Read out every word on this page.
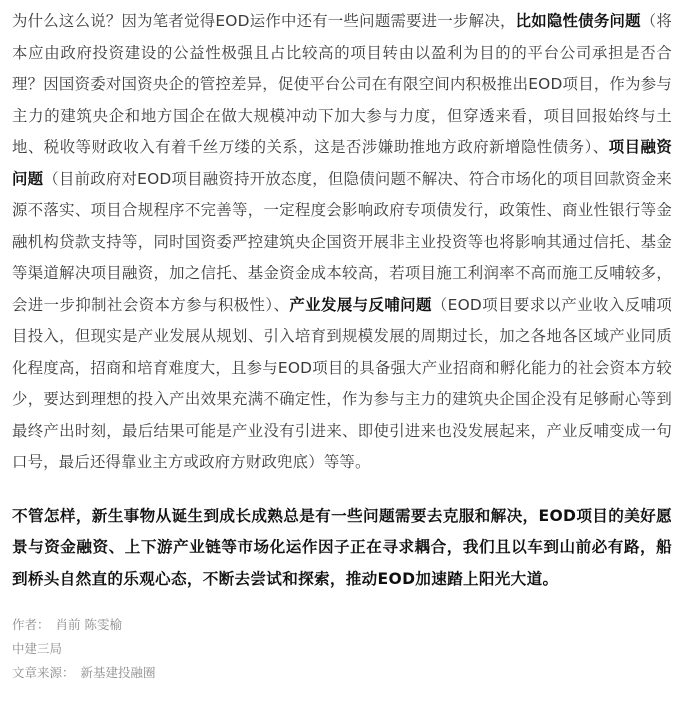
为什么这么说？因为笔者觉得EOD运作中还有一些问题需要进一步解决，比如隐性债务问题（将本应由政府投资建设的公益性极强且占比较高的项目转由以盈利为目的的平台公司承担是否合理？因国资委对国资央企的管控差异，促使平台公司在有限空间内积极推出EOD项目，作为参与主力的建筑央企和地方国企在做大规模冲动下加大参与力度，但穿透来看，项目回报始终与土地、税收等财政收入有着千丝万缕的关系，这是否涉嫌助推地方政府新增隐性债务）、项目融资问题（目前政府对EOD项目融资持开放态度，但隐债问题不解决、符合市场化的项目回款资金来源不落实、项目合规程序不完善等，一定程度会影响政府专项债发行，政策性、商业性银行等金融机构贷款支持等，同时国资委严控建筑央企国资开展非主业投资等也将影响其通过信托、基金等渠道解决项目融资，加之信托、基金资金成本较高，若项目施工利润率不高而施工反哺较多，会进一步抑制社会资本方参与积极性）、产业发展与反哺问题（EOD项目要求以产业收入反哺项目投入，但现实是产业发展从规划、引入培育到规模发展的周期过长，加之各地各区域产业同质化程度高，招商和培育难度大，且参与EOD项目的具备强大产业招商和孵化能力的社会资本方较少，要达到理想的投入产出效果充满不确定性，作为参与主力的建筑央企国企没有足够耐心等到最终产出时刻，最后结果可能是产业没有引进来、即使引进来也没发展起来，产业反哺变成一句口号，最后还得靠业主方或政府方财政兜底）等等。

不管怎样，新生事物从诞生到成长成熟总是有一些问题需要去克服和解决，EOD项目的美好愿景与资金融资、上下游产业链等市场化运作因子正在寻求耦合，我们且以车到山前必有路，船到桥头自然直的乐观心态，不断去尝试和探索，推动EOD加速踏上阳光大道。

作者： 肖前 陈雯榆
中建三局
文章来源： 新基建投融圈
